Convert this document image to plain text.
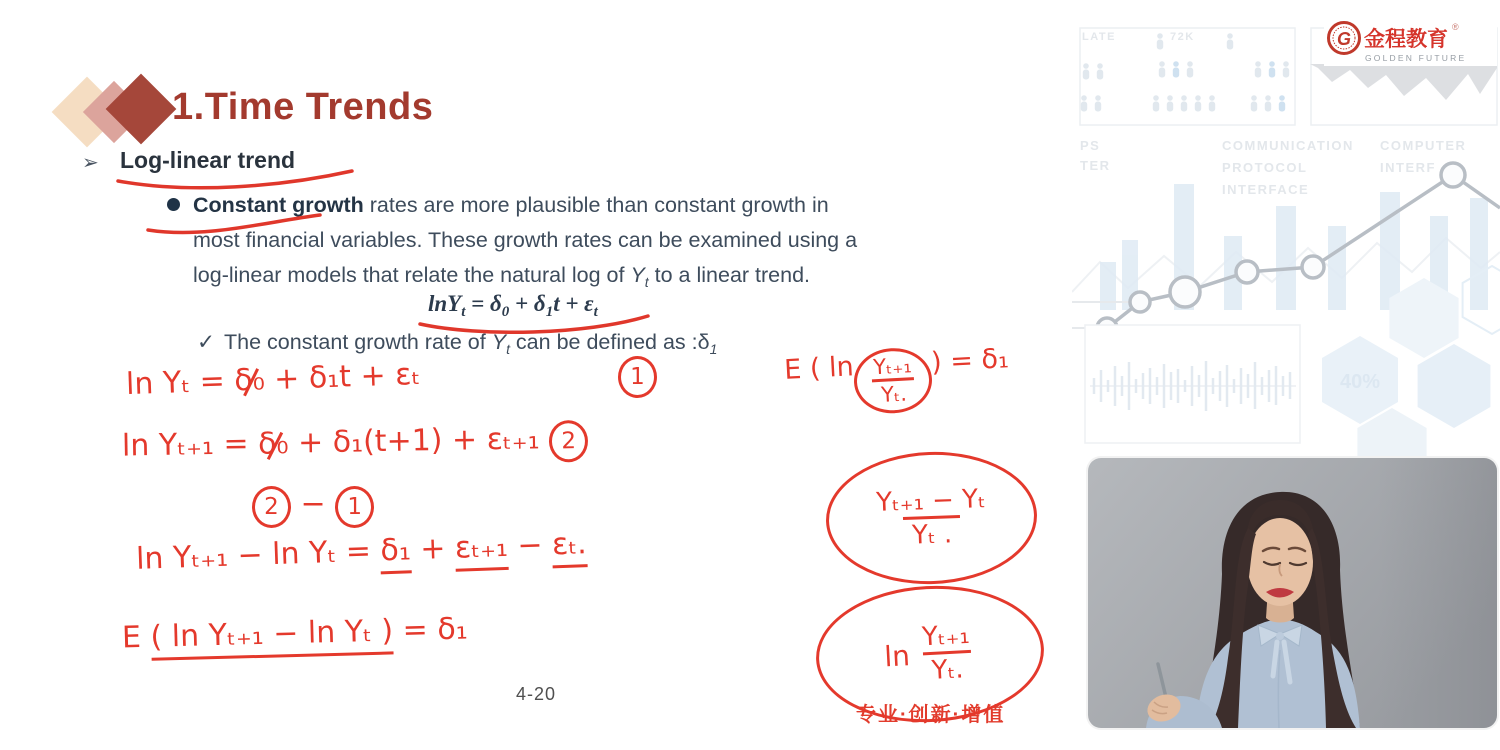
1.Time Trends
➢ Log-linear trend
Constant growth rates are more plausible than constant growth in
most financial variables. These growth rates can be examined using a
log-linear models that relate the natural log of $Y_t$ to a linear trend.
$\ln Y_t = \delta_0 + \delta_1t + \varepsilon_t$
✓ The constant growth rate of $Y_t$ can be defined as $:\delta_1$
4-20
专业·创新·增值
ln Yₜ = δ₀ + δ₁t + εₜ	1	E ( $\ln \frac{\text{Yₜ₊₁}}{\text{Yₜ.}}$ ) = δ₁
ln Yₜ₊₁ = δ₀ + δ₁(t+1) + εₜ₊₁ 2
2 − 1
ln Yₜ₊₁ − ln Yₜ = δ₁ + εₜ₊₁ − εₜ.
E ( ln Yₜ₊₁ − ln Yₜ ) = δ₁
$\frac{\text{Yₜ₊₁ − Yₜ}}{\text{Yₜ .}}$
$\ln \frac{\text{Yₜ₊₁}}{\text{Yₜ.}}$
LATE	72K	G 金程教育
®
GOLDEN FUTURE
PS
TER
COMMUNICATION
PROTOCOL
INTERFACE
COMPUTER
INTERF
40%
